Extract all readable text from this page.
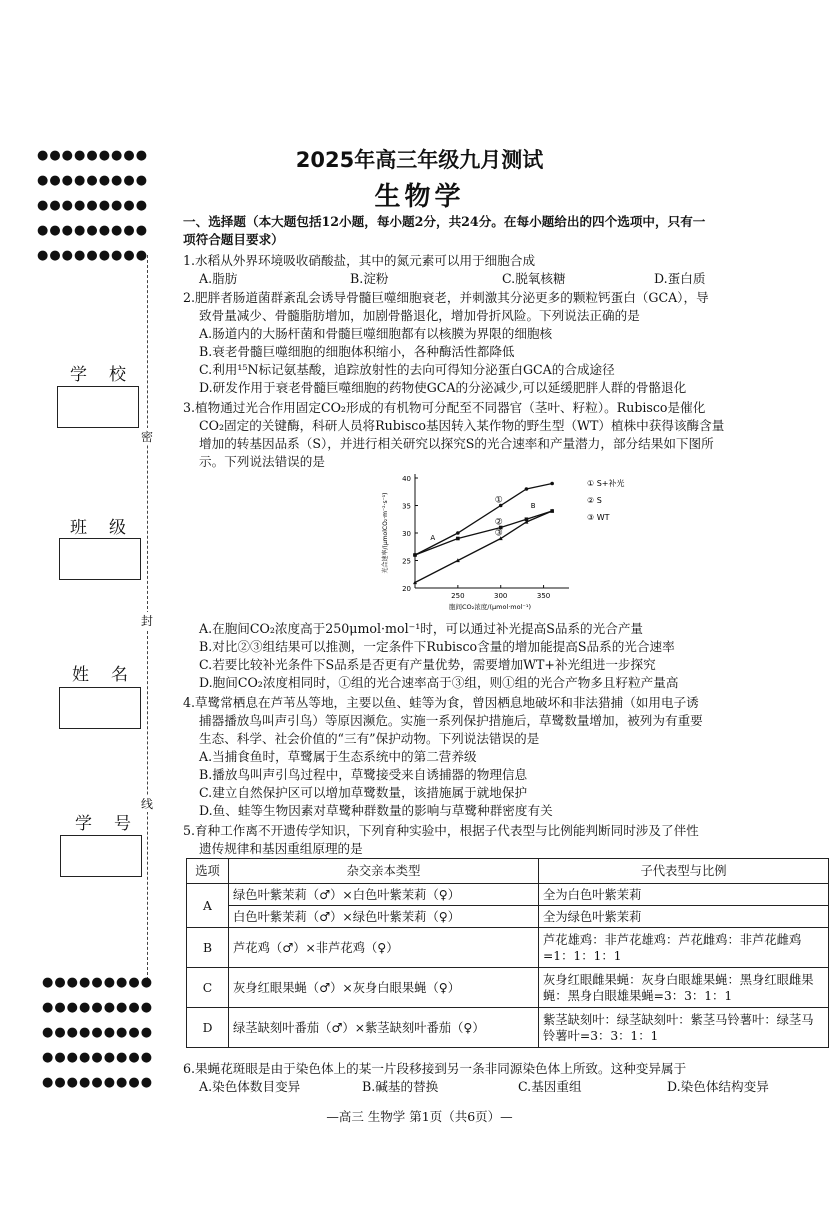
●●●●●●●●●
●●●●●●●●●
●●●●●●●●●
●●●●●●●●●
●●●●●●●●●
学校
班级
姓名
学号
密
封
线
●●●●●●●●●
●●●●●●●●●
●●●●●●●●●
●●●●●●●●●
●●●●●●●●●
2025年高三年级九月测试
生物学
一、选择题（本大题包括12小题，每小题2分，共24分。在每小题给出的四个选项中，只有一
项符合题目要求）
1.水稻从外界环境吸收硝酸盐，其中的氮元素可以用于细胞合成
A.脂肪	B.淀粉	C.脱氧核糖	D.蛋白质
2.肥胖者肠道菌群紊乱会诱导骨髓巨噬细胞衰老，并刺激其分泌更多的颗粒钙蛋白（GCA），导
致骨量减少、骨髓脂肪增加，加剧骨骼退化，增加骨折风险。下列说法正确的是
A.肠道内的大肠杆菌和骨髓巨噬细胞都有以核膜为界限的细胞核
B.衰老骨髓巨噬细胞的细胞体积缩小，各种酶活性都降低
C.利用¹⁵N标记氨基酸，追踪放射性的去向可得知分泌蛋白GCA的合成途径
D.研发作用于衰老骨髓巨噬细胞的药物使GCA的分泌减少,可以延缓肥胖人群的骨骼退化
3.植物通过光合作用固定CO₂形成的有机物可分配至不同器官（茎叶、籽粒）。Rubisco是催化
CO₂固定的关键酶，科研人员将Rubisco基因转入某作物的野生型（WT）植株中获得该酶含量
增加的转基因品系（S），并进行相关研究以探究S的光合速率和产量潜力，部分结果如下图所
示。下列说法错误的是
20
25
30
35
40
250	300	350
胞间CO₂浓度/(μmol·mol⁻¹)
光合速率/(μmolCO₂·m⁻²·s⁻¹)	①
① S+补光
②
② S
③
③ WT
A
B
A.在胞间CO₂浓度高于250μmol·mol⁻¹时，可以通过补光提高S品系的光合产量
B.对比②③组结果可以推测，一定条件下Rubisco含量的增加能提高S品系的光合速率
C.若要比较补光条件下S品系是否更有产量优势，需要增加WT+补光组进一步探究
D.胞间CO₂浓度相同时，①组的光合速率高于③组，则①组的光合产物多且籽粒产量高
4.草鹭常栖息在芦苇丛等地，主要以鱼、蛙等为食，曾因栖息地破坏和非法猎捕（如用电子诱
捕器播放鸟叫声引鸟）等原因濒危。实施一系列保护措施后，草鹭数量增加，被列为有重要
生态、科学、社会价值的“三有”保护动物。下列说法错误的是
A.当捕食鱼时，草鹭属于生态系统中的第二营养级
B.播放鸟叫声引鸟过程中，草鹭接受来自诱捕器的物理信息
C.建立自然保护区可以增加草鹭数量，该措施属于就地保护
D.鱼、蛙等生物因素对草鹭种群数量的影响与草鹭种群密度有关
5.育种工作离不开遗传学知识，下列育种实验中，根据子代表型与比例能判断同时涉及了伴性
遗传规律和基因重组原理的是
选项	杂交亲本类型	子代表型与比例
A	绿色叶紫茉莉（♂）×白色叶紫茉莉（♀）	全为白色叶紫茉莉
	白色叶紫茉莉（♂）×绿色叶紫茉莉（♀）	全为绿色叶紫茉莉
B	芦花鸡（♂）×非芦花鸡（♀）	芦花雄鸡：非芦花雄鸡：芦花雌鸡：非芦花雌鸡=1：1：1：1
C	灰身红眼果蝇（♂）×灰身白眼果蝇（♀）	灰身红眼雌果蝇：灰身白眼雄果蝇：黑身红眼雌果蝇：黑身白眼雄果蝇=3：3：1：1
D	绿茎缺刻叶番茄（♂）×紫茎缺刻叶番茄（♀）	紫茎缺刻叶：绿茎缺刻叶：紫茎马铃薯叶：绿茎马铃薯叶=3：3：1：1
6.果蝇花斑眼是由于染色体上的某一片段移接到另一条非同源染色体上所致。这种变异属于
A.染色体数目变异	B.碱基的替换	C.基因重组	D.染色体结构变异
—高三 生物学 第1页（共6页）—
